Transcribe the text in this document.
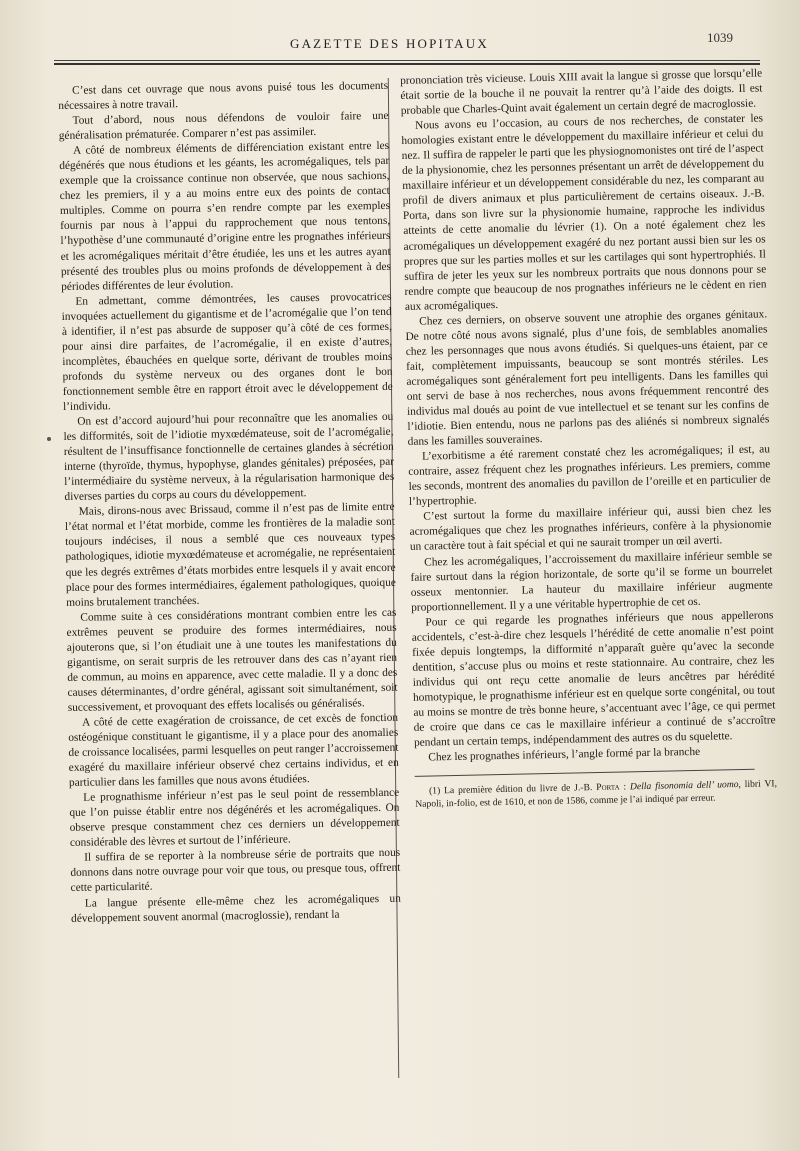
GAZETTE DES HOPITAUX	1039

C’est dans cet ouvrage que nous avons puisé tous les documents nécessaires à notre travail.

Tout d’abord, nous nous défendons de vouloir faire une généralisation prématurée. Comparer n’est pas assimiler.

A côté de nombreux éléments de différenciation existant entre les dégénérés que nous étudions et les géants, les acromégaliques, tels par exemple que la croissance continue non observée, que nous sachions, chez les premiers, il y a au moins entre eux des points de contact multiples. Comme on pourra s’en rendre compte par les exemples fournis par nous à l’appui du rapprochement que nous tentons, l’hypothèse d’une communauté d’origine entre les prognathes inférieurs et les acromégaliques méritait d’être étudiée, les uns et les autres ayant présenté des troubles plus ou moins profonds de développement à des périodes différentes de leur évolution.

En admettant, comme démontrées, les causes provocatrices invoquées actuellement du gigantisme et de l’acromégalie que l’on tend à identifier, il n’est pas absurde de supposer qu’à côté de ces formes, pour ainsi dire parfaites, de l’acromégalie, il en existe d’autres, incomplètes, ébauchées en quelque sorte, dérivant de troubles moins profonds du système nerveux ou des organes dont le bon fonctionnement semble être en rapport étroit avec le développement de l’individu.

On est d’accord aujourd’hui pour reconnaître que les anomalies ou les difformités, soit de l’idiotie myxœdémateuse, soit de l’acromégalie, résultent de l’insuffisance fonctionnelle de certaines glandes à sécrétion interne (thyroïde, thymus, hypophyse, glandes génitales) préposées, par l’intermédiaire du système nerveux, à la régularisation harmonique des diverses parties du corps au cours du développement.

Mais, dirons-nous avec Brissaud, comme il n’est pas de limite entre l’état normal et l’état morbide, comme les frontières de la maladie sont toujours indécises, il nous a semblé que ces nouveaux types pathologiques, idiotie myxœdémateuse et acromégalie, ne représentaient que les degrés extrêmes d’états morbides entre lesquels il y avait encore place pour des formes intermédiaires, également pathologiques, quoique moins brutalement tranchées.

Comme suite à ces considérations montrant combien entre les cas extrêmes peuvent se produire des formes intermédiaires, nous ajouterons que, si l’on étudiait une à une toutes les manifestations du gigantisme, on serait surpris de les retrouver dans des cas n’ayant rien de commun, au moins en apparence, avec cette maladie. Il y a donc des causes déterminantes, d’ordre général, agissant soit simultanément, soit successivement, et provoquant des effets localisés ou généralisés.

A côté de cette exagération de croissance, de cet excès de fonction ostéogénique constituant le gigantisme, il y a place pour des anomalies de croissance localisées, parmi lesquelles on peut ranger l’accroissement exagéré du maxillaire inférieur observé chez certains individus, et en particulier dans les familles que nous avons étudiées.

Le prognathisme inférieur n’est pas le seul point de ressemblance que l’on puisse établir entre nos dégénérés et les acromégaliques. On observe presque constamment chez ces derniers un développement considérable des lèvres et surtout de l’inférieure.

Il suffira de se reporter à la nombreuse série de portraits que nous donnons dans notre ouvrage pour voir que tous, ou presque tous, offrent cette particularité.

La langue présente elle-même chez les acromégaliques un développement souvent anormal (macroglossie), rendant la

prononciation très vicieuse. Louis XIII avait la langue si grosse que lorsqu’elle était sortie de la bouche il ne pouvait la rentrer qu’à l’aide des doigts. Il est probable que Charles-Quint avait également un certain degré de macroglossie.

Nous avons eu l’occasion, au cours de nos recherches, de constater les homologies existant entre le développement du maxillaire inférieur et celui du nez. Il suffira de rappeler le parti que les physiognomonistes ont tiré de l’aspect de la physionomie, chez les personnes présentant un arrêt de développement du maxillaire inférieur et un développement considérable du nez, les comparant au profil de divers animaux et plus particulièrement de certains oiseaux. J.-B. Porta, dans son livre sur la physionomie humaine, rapproche les individus atteints de cette anomalie du lévrier (1). On a noté également chez les acromégaliques un développement exagéré du nez portant aussi bien sur les os propres que sur les parties molles et sur les cartilages qui sont hypertrophiés. Il suffira de jeter les yeux sur les nombreux portraits que nous donnons pour se rendre compte que beaucoup de nos prognathes inférieurs ne le cèdent en rien aux acromégaliques.

Chez ces derniers, on observe souvent une atrophie des organes génitaux. De notre côté nous avons signalé, plus d’une fois, de semblables anomalies chez les personnages que nous avons étudiés. Si quelques-uns étaient, par ce fait, complètement impuissants, beaucoup se sont montrés stériles. Les acromégaliques sont généralement fort peu intelligents. Dans les familles qui ont servi de base à nos recherches, nous avons fréquemment rencontré des individus mal doués au point de vue intellectuel et se tenant sur les confins de l’idiotie. Bien entendu, nous ne parlons pas des aliénés si nombreux signalés dans les familles souveraines.

L’exorbitisme a été rarement constaté chez les acromégaliques; il est, au contraire, assez fréquent chez les prognathes inférieurs. Les premiers, comme les seconds, montrent des anomalies du pavillon de l’oreille et en particulier de l’hypertrophie.

C’est surtout la forme du maxillaire inférieur qui, aussi bien chez les acromégaliques que chez les prognathes inférieurs, confère à la physionomie un caractère tout à fait spécial et qui ne saurait tromper un œil averti.

Chez les acromégaliques, l’accroissement du maxillaire inférieur semble se faire surtout dans la région horizontale, de sorte qu’il se forme un bourrelet osseux mentonnier. La hauteur du maxillaire inférieur augmente proportionnellement. Il y a une véritable hypertrophie de cet os.

Pour ce qui regarde les prognathes inférieurs que nous appellerons accidentels, c’est-à-dire chez lesquels l’hérédité de cette anomalie n’est point fixée depuis longtemps, la difformité n’apparaît guère qu’avec la seconde dentition, s’accuse plus ou moins et reste stationnaire. Au contraire, chez les individus qui ont reçu cette anomalie de leurs ancêtres par hérédité homotypique, le prognathisme inférieur est en quelque sorte congénital, ou tout au moins se montre de très bonne heure, s’accentuant avec l’âge, ce qui permet de croire que dans ce cas le maxillaire inférieur a continué de s’accroître pendant un certain temps, indépendamment des autres os du squelette.

Chez les prognathes inférieurs, l’angle formé par la branche

(1) La première édition du livre de J.-B. Porta : Della fisonomia dell’ uomo, libri VI, Napoli, in-folio, est de 1610, et non de 1586, comme je l’ai indiqué par erreur.
